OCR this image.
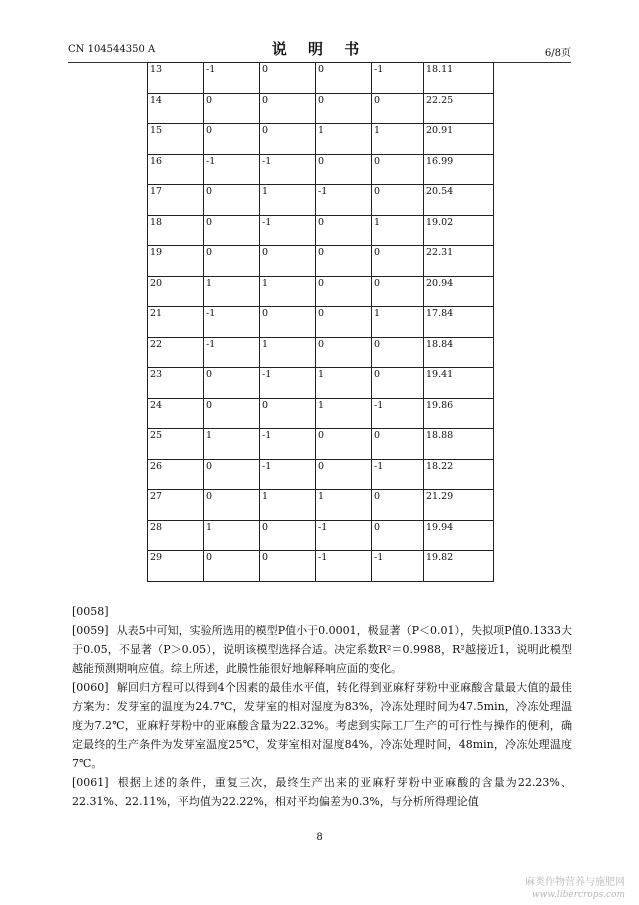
CN 104544350 A	说 明 书	6/8页
13	-1	0	0	-1	18.11
14	0	0	0	0	22.25
15	0	0	1	1	20.91
16	-1	-1	0	0	16.99
17	0	1	-1	0	20.54
18	0	-1	0	1	19.02
19	0	0	0	0	22.31
20	1	1	0	0	20.94
21	-1	0	0	1	17.84
22	-1	1	0	0	18.84
23	0	-1	1	0	19.41
24	0	0	1	-1	19.86
25	1	-1	0	0	18.88
26	0	-1	0	-1	18.22
27	0	1	1	0	21.29
28	1	0	-1	0	19.94
29	0	0	-1	-1	19.82

[0058]

[0059] 从表5中可知，实验所选用的模型P值小于0.0001，极显著（P＜0.01），失拟项P值0.1333大于0.05，不显著（P＞0.05），说明该模型选择合适。决定系数R²＝0.9988，R²越接近1，说明此模型越能预测期响应值。综上所述，此膜性能很好地解释响应面的变化。

[0060] 解回归方程可以得到4个因素的最佳水平值，转化得到亚麻籽芽粉中亚麻酸含量最大值的最佳方案为：发芽室的温度为24.7℃，发芽室的相对湿度为83%，冷冻处理时间为47.5min，冷冻处理温度为7.2℃，亚麻籽芽粉中的亚麻酸含量为22.32%。考虑到实际工厂生产的可行性与操作的便利，确定最终的生产条件为发芽室温度25℃，发芽室相对湿度84%，冷冻处理时间，48min，冷冻处理温度7℃。

[0061] 根据上述的条件，重复三次，最终生产出来的亚麻籽芽粉中亚麻酸的含量为22.23%、22.31%、22.11%，平均值为22.22%，相对平均偏差为0.3%，与分析所得理论值

8
麻类作物营养与施肥网
www.libercrops.com
